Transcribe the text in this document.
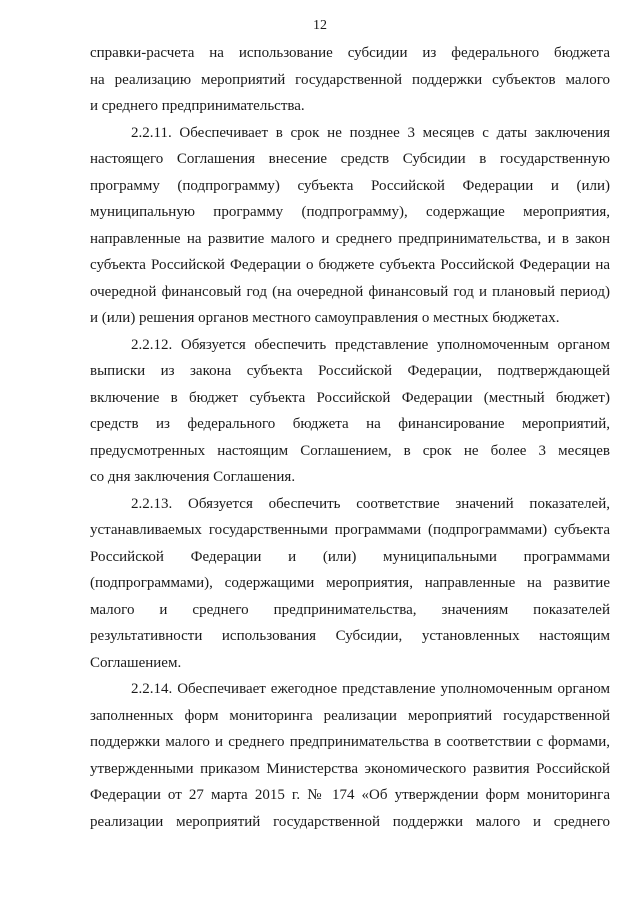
12
справки-расчета на использование субсидии из федерального бюджета
на реализацию мероприятий государственной поддержки субъектов малого
и среднего предпринимательства.
2.2.11. Обеспечивает в срок не позднее 3 месяцев с даты заключения
настоящего Соглашения внесение средств Субсидии в государственную
программу (подпрограмму) субъекта Российской Федерации и (или)
муниципальную программу (подпрограмму), содержащие мероприятия,
направленные на развитие малого и среднего предпринимательства, и в закон
субъекта Российской Федерации о бюджете субъекта Российской Федерации на
очередной финансовый год (на очередной финансовый год и плановый период)
и (или) решения органов местного самоуправления о местных бюджетах.
2.2.12. Обязуется обеспечить представление уполномоченным органом
выписки из закона субъекта Российской Федерации, подтверждающей
включение в бюджет субъекта Российской Федерации (местный бюджет)
средств из федерального бюджета на финансирование мероприятий,
предусмотренных настоящим Соглашением, в срок не более 3 месяцев
со дня заключения Соглашения.
2.2.13. Обязуется обеспечить соответствие значений показателей,
устанавливаемых государственными программами (подпрограммами) субъекта
Российской Федерации и (или) муниципальными программами
(подпрограммами), содержащими мероприятия, направленные на развитие
малого и среднего предпринимательства, значениям показателей
результативности использования Субсидии, установленных настоящим
Соглашением.
2.2.14. Обеспечивает ежегодное представление уполномоченным органом
заполненных форм мониторинга реализации мероприятий государственной
поддержки малого и среднего предпринимательства в соответствии с формами,
утвержденными приказом Министерства экономического развития Российской
Федерации от 27 марта 2015 г. № 174 «Об утверждении форм мониторинга
реализации мероприятий государственной поддержки малого и среднего
